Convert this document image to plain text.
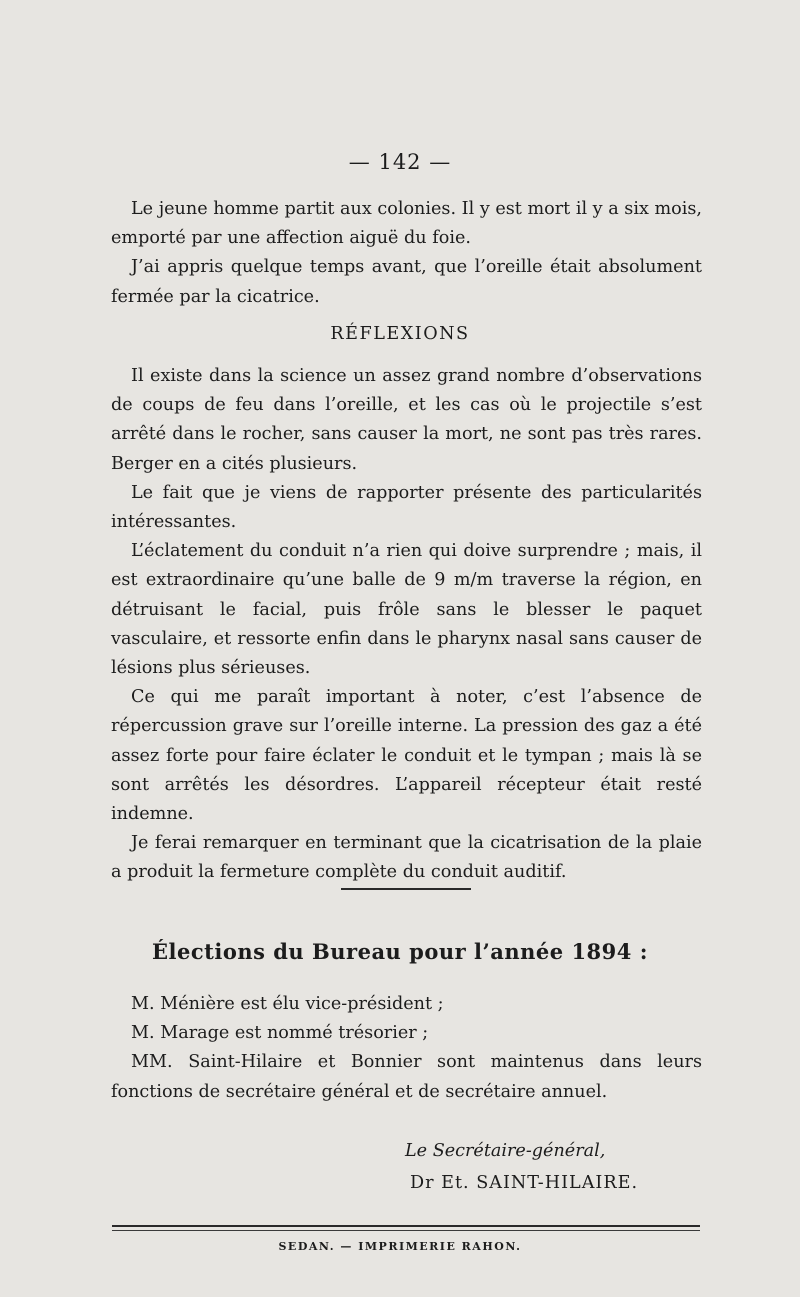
— 142 —

Le jeune homme partit aux colonies. Il y est mort il y a six mois, emporté par une affection aiguë du foie.

J’ai appris quelque temps avant, que l’oreille était absolument fermée par la cicatrice.

RÉFLEXIONS

Il existe dans la science un assez grand nombre d’observations de coups de feu dans l’oreille, et les cas où le projectile s’est arrêté dans le rocher, sans causer la mort, ne sont pas très rares. Berger en a cités plusieurs.

Le fait que je viens de rapporter présente des particularités intéressantes.

L’éclatement du conduit n’a rien qui doive surprendre ; mais, il est extraordinaire qu’une balle de 9 m/m traverse la région, en détruisant le facial, puis frôle sans le blesser le paquet vasculaire, et ressorte enfin dans le pharynx nasal sans causer de lésions plus sérieuses.

Ce qui me paraît important à noter, c’est l’absence de répercussion grave sur l’oreille interne. La pression des gaz a été assez forte pour faire éclater le conduit et le tympan ; mais là se sont arrêtés les désordres. L’appareil récepteur était resté indemne.

Je ferai remarquer en terminant que la cicatrisation de la plaie a produit la fermeture complète du conduit auditif.

Élections du Bureau pour l’année 1894 :

M. Ménière est élu vice-président ;

M. Marage est nommé trésorier ;

MM. Saint-Hilaire et Bonnier sont maintenus dans leurs fonctions de secrétaire général et de secrétaire annuel.

Le Secrétaire-général,
Dr Et. SAINT-HILAIRE.
SEDAN. — IMPRIMERIE RAHON.
